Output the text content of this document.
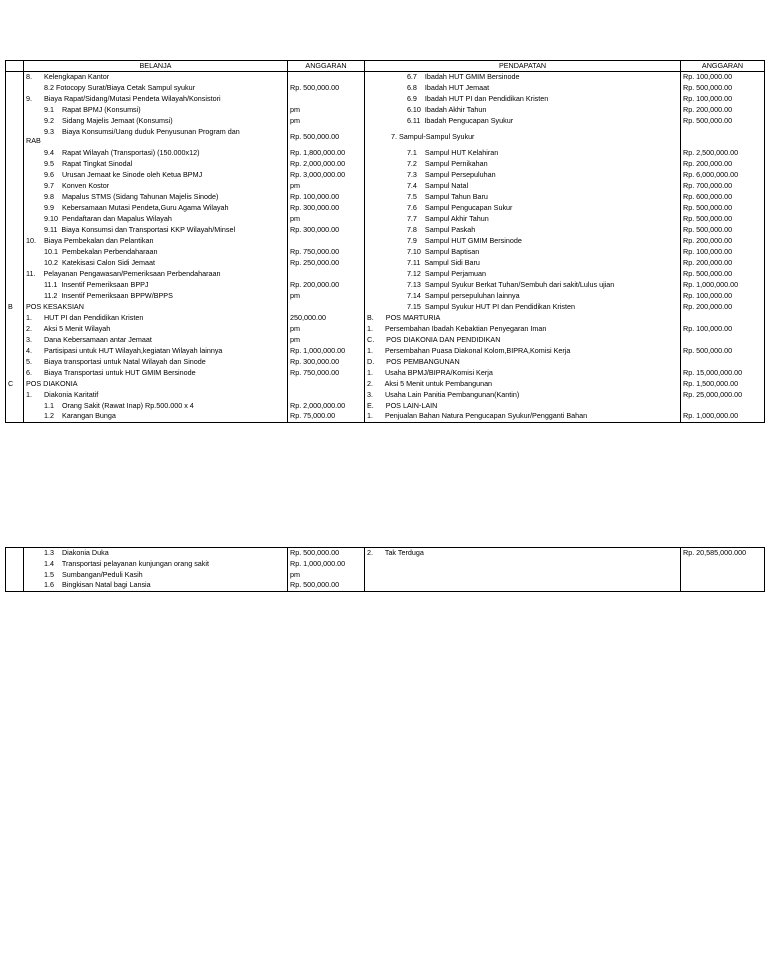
	BELANJA	ANGGARAN	PENDAPATAN	ANGGARAN
	8.      Kelengkapan Kantor		6.7    Ibadah HUT GMIM Bersinode	Rp. 100,000.00
	8.2 Fotocopy Surat/Biaya Cetak Sampul syukur	Rp. 500,000.00	6.8    Ibadah HUT Jemaat	Rp. 500,000.00
	9.      Biaya Rapat/Sidang/Mutasi Pendeta Wilayah/Konsistori		6.9    Ibadah HUT PI dan Pendidikan Kristen	Rp. 100,000.00
	9.1    Rapat BPMJ (Konsumsi)	pm	6.10  Ibadah Akhir Tahun	Rp. 200,000.00
	9.2    Sidang Majelis Jemaat (Konsumsi)	pm	6.11  Ibadah Pengucapan Syukur	Rp. 500,000.00

	9.3    Biaya Konsumsi/Uang duduk Penyusunan Program dan
RAB	Rp. 500,000.00	7. Sampul-Sampul Syukur	
	9.4    Rapat Wilayah (Transportasi) (150.000x12)	Rp. 1,800,000.00	7.1    Sampul HUT Kelahiran	Rp. 2,500,000.00
	9.5    Rapat Tingkat Sinodal	Rp. 2,000,000.00	7.2    Sampul Pernikahan	Rp. 200,000.00
	9.6    Urusan Jemaat ke Sinode oleh Ketua BPMJ	Rp. 3,000,000.00	7.3    Sampul Persepuluhan	Rp. 6,000,000.00
	9.7    Konven Kostor	pm	7.4    Sampul Natal	Rp. 700,000.00
	9.8    Mapalus STMS (Sidang Tahunan Majelis Sinode)	Rp. 100,000.00	7.5    Sampul Tahun Baru	Rp. 600,000.00
	9.9    Kebersamaan Mutasi Pendeta,Guru Agama Wilayah	Rp. 300,000.00	7.6    Sampul Pengucapan Sukur	Rp. 500,000.00
	9.10  Pendaftaran dan Mapalus Wilayah	pm	7.7    Sampul Akhir Tahun	Rp. 500,000.00
	9.11  Biaya Konsumsi dan Transportasi KKP Wilayah/Minsel	Rp. 300,000.00	7.8    Sampul Paskah	Rp. 500,000.00
	10.    Biaya Pembekalan dan Pelantikan		7.9    Sampul HUT GMIM Bersinode	Rp. 200,000.00
	10.1  Pembekalan Perbendaharaan	Rp. 750,000.00	7.10  Sampul Baptisan	Rp. 100,000.00
	10.2  Katekisasi Calon Sidi Jemaat	Rp. 250,000.00	7.11  Sampul Sidi Baru	Rp. 200,000.00
	11.    Pelayanan Pengawasan/Pemeriksaan Perbendaharaan		7.12  Sampul Perjamuan	Rp. 500,000.00
	11.1  Insentif Pemeriksaan BPPJ	Rp. 200,000.00	7.13  Sampul Syukur Berkat Tuhan/Sembuh dari sakit/Lulus ujian	Rp. 1,000,000.00
	11.2  Insentif Pemeriksaan BPPW/BPPS	pm	7.14  Sampul persepuluhan lainnya	Rp. 100,000.00
B	POS KESAKSIAN		7.15  Sampul Syukur HUT PI dan Pendidikan Kristen	Rp. 200,000.00
	1.      HUT PI dan Pendidikan Kristen	250,000.00	B.      POS MARTURIA	
	2.      Aksi 5 Menit Wilayah	pm	1.      Persembahan Ibadah Kebaktian Penyegaran Iman	Rp. 100,000.00
	3.      Dana Kebersamaan antar Jemaat	pm	C.      POS DIAKONIA DAN PENDIDIKAN	
	4.      Partisipasi untuk HUT Wilayah,kegiatan Wilayah lainnya	Rp. 1,000,000.00	1.      Persembahan Puasa Diakonal Kolom,BIPRA,Komisi Kerja	Rp. 500,000.00
	5.      Biaya transportasi untuk Natal Wilayah dan Sinode	Rp. 300,000.00	D.      POS PEMBANGUNAN	
	6.      Biaya Transportasi untuk HUT GMIM Bersinode	Rp. 750,000.00	1.      Usaha BPMJ/BIPRA/Komisi Kerja	Rp. 15,000,000.00
C	POS DIAKONIA		2.      Aksi 5 Menit untuk Pembangunan	Rp. 1,500,000.00
	1.      Diakonia Karitatif		3.      Usaha Lain Panitia Pembangunan(Kantin)	Rp. 25,000,000.00
	1.1    Orang Sakit (Rawat Inap) Rp.500.000 x 4	Rp. 2,000,000.00	E.      POS LAIN-LAIN	
	1.2    Karangan Bunga	Rp. 75,000.00	1.      Penjualan Bahan Natura Pengucapan Syukur/Pengganti Bahan	Rp. 1,000,000.00
	1.3    Diakonia Duka	Rp. 500,000.00	2.      Tak Terduga	Rp. 20,585,000.000
	1.4    Transportasi pelayanan kunjungan orang sakit	Rp. 1,000,000.00		
	1.5    Sumbangan/Peduli Kasih	pm		
	1.6    Bingkisan Natal bagi Lansia	Rp. 500,000.00		
